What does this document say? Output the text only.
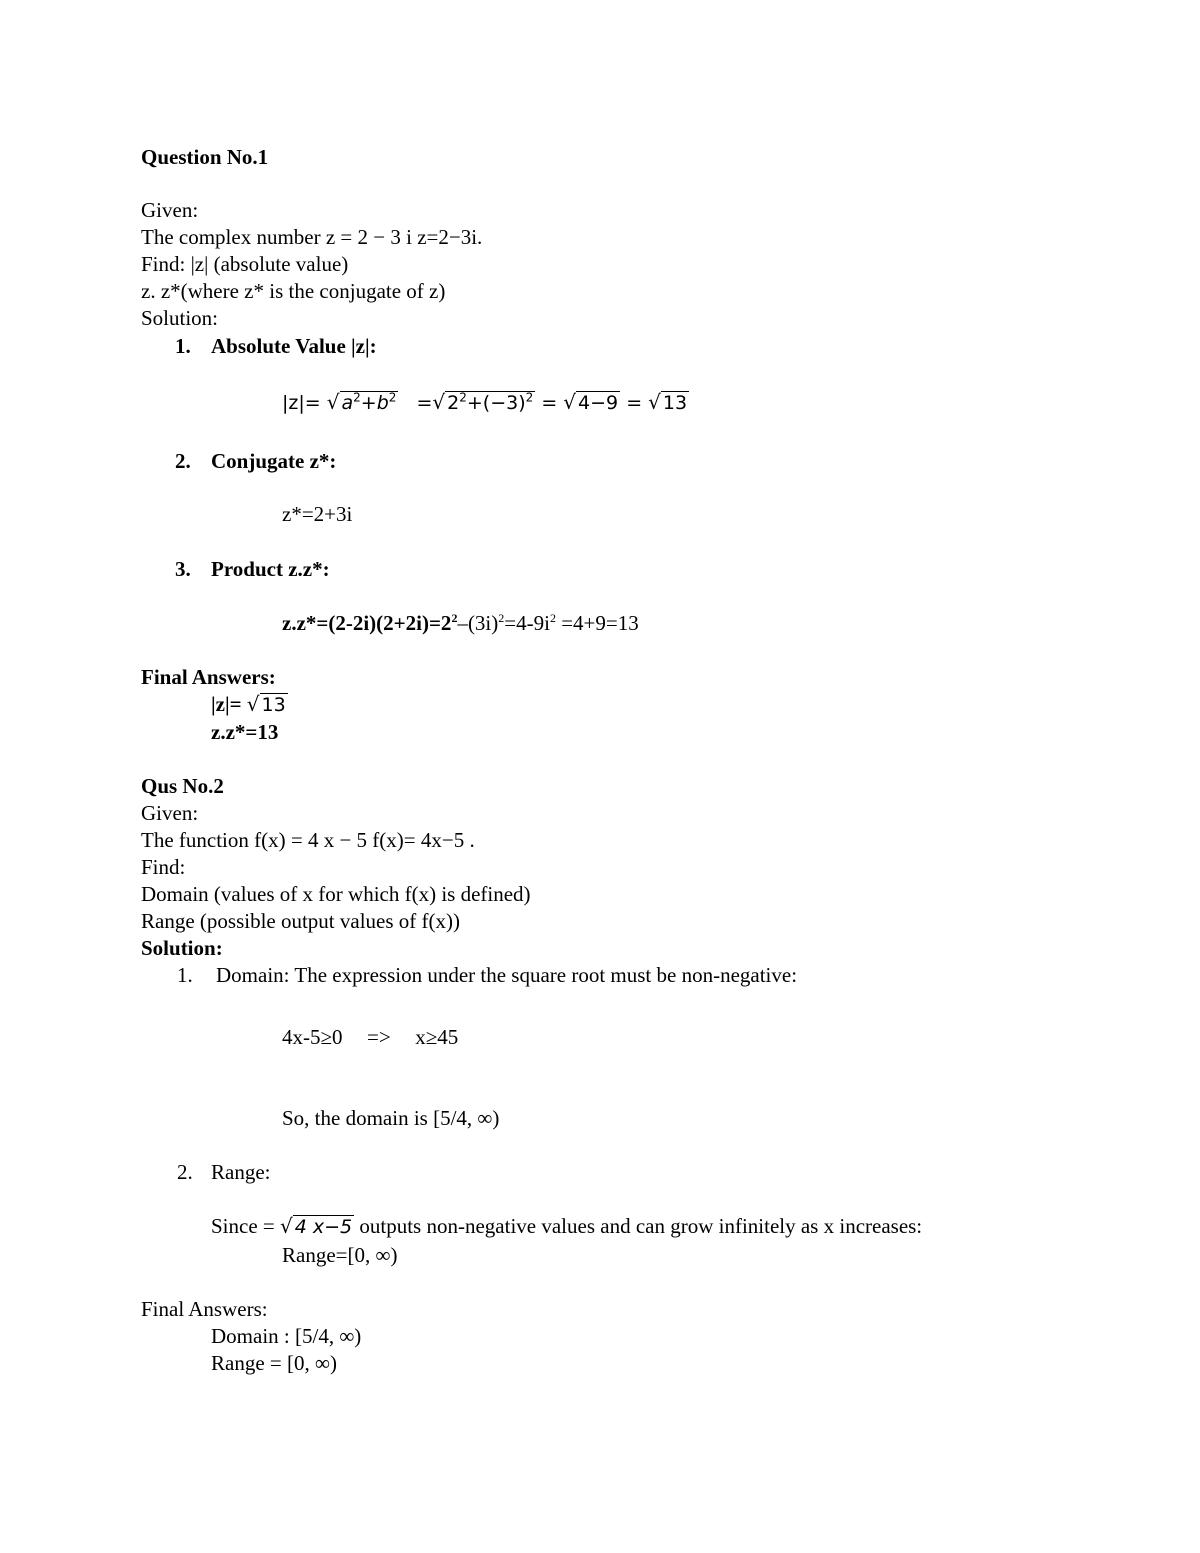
Question No.1
Given:
The complex number z = 2 − 3 i z=2−3i.
Find: |z| (absolute value)
z. z*(where z* is the conjugate of z)
Solution:
1. Absolute Value |z|:
|z|= √ $a^2+b^2$ =√ $2^2+(-3)^2$ = √ 4−9 = √ 13
2. Conjugate z*:
z*=2+3i
3. Product z.z*:
$z.z*=(2-2i)(2+2i)=2^2-(3i)^2=4-9i^2 =4+9=13$
Final Answers:
|z|= √ 13
z.z*=13
Qus No.2
Given:
The function f(x) = 4 x − 5 f(x)= 4x−5 .
Find:
Domain (values of x for which f(x) is defined)
Range (possible output values of f(x))
Solution:
1. Domain: The expression under the square root must be non-negative:
4x-5≥0 => x≥45
So, the domain is [5/4, ∞)
2. Range:
Since = √ 4 x−5 outputs non-negative values and can grow infinitely as x increases:
Range=[0, ∞)
Final Answers:
Domain : [5/4, ∞)
Range = [0, ∞)
